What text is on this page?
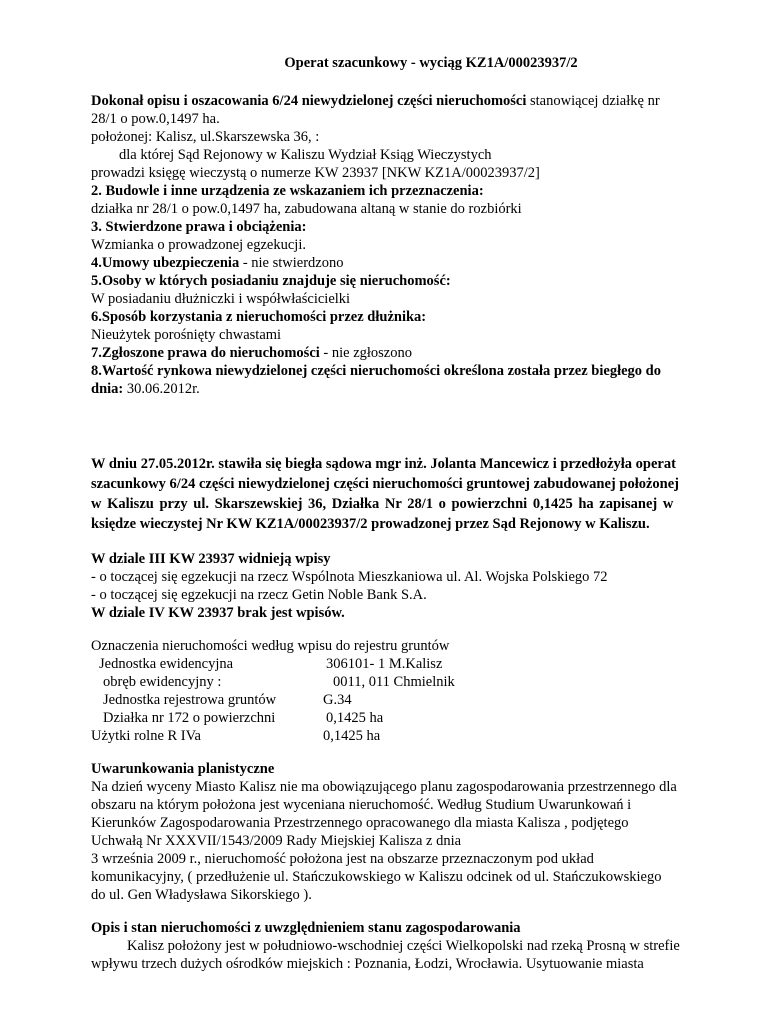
Operat szacunkowy - wyciąg KZ1A/00023937/2
Dokonał opisu i oszacowania 6/24 niewydzielonej części nieruchomości stanowiącej działkę nr
28/1 o pow.0,1497 ha.
położonej: Kalisz, ul.Skarszewska 36, :
dla której Sąd Rejonowy w Kaliszu Wydział Ksiąg Wieczystych
prowadzi księgę wieczystą o numerze KW 23937 [NKW KZ1A/00023937/2]
2. Budowle i inne urządzenia ze wskazaniem ich przeznaczenia:
działka nr 28/1 o pow.0,1497 ha, zabudowana altaną w stanie do rozbiórki
3. Stwierdzone prawa i obciążenia:
Wzmianka o prowadzonej egzekucji.
4.Umowy ubezpieczenia - nie stwierdzono
5.Osoby w których posiadaniu znajduje się nieruchomość:
W posiadaniu dłużniczki i współwłaścicielki
6.Sposób korzystania z nieruchomości przez dłużnika:
Nieużytek porośnięty chwastami
7.Zgłoszone prawa do nieruchomości - nie zgłoszono
8.Wartość rynkowa niewydzielonej części nieruchomości określona została przez biegłego do
dnia: 30.06.2012r.
W dniu 27.05.2012r. stawiła się biegła sądowa mgr inż. Jolanta Mancewicz i przedłożyła operat
szacunkowy 6/24 części niewydzielonej części nieruchomości gruntowej zabudowanej położonej
w Kaliszu przy ul. Skarszewskiej 36, Działka Nr 28/1 o powierzchni 0,1425 ha zapisanej w
księdze wieczystej Nr KW KZ1A/00023937/2 prowadzonej przez Sąd Rejonowy w Kaliszu.
W dziale III KW 23937 widnieją wpisy
- o toczącej się egzekucji na rzecz Wspólnota Mieszkaniowa ul. Al. Wojska Polskiego 72
- o toczącej się egzekucji na rzecz Getin Noble Bank S.A.
W dziale IV KW 23937 brak jest wpisów.
Oznaczenia nieruchomości według wpisu do rejestru gruntów
Jednostka ewidencyjna	306101- 1 M.Kalisz
obręb ewidencyjny :	0011, 011 Chmielnik
Jednostka rejestrowa gruntów	G.34
Działka nr 172 o powierzchni	0,1425 ha
Użytki rolne R IVa	0,1425 ha
Uwarunkowania planistyczne
Na dzień wyceny Miasto Kalisz nie ma obowiązującego planu zagospodarowania przestrzennego dla
obszaru na którym położona jest wyceniana nieruchomość. Według Studium Uwarunkowań i
Kierunków Zagospodarowania Przestrzennego opracowanego dla miasta Kalisza , podjętego
Uchwałą Nr XXXVII/1543/2009 Rady Miejskiej Kalisza z dnia
3 września 2009 r., nieruchomość położona jest na obszarze przeznaczonym pod układ
komunikacyjny, ( przedłużenie ul. Stańczukowskiego w Kaliszu odcinek od ul. Stańczukowskiego
do ul. Gen Władysława Sikorskiego ).
Opis i stan nieruchomości z uwzględnieniem stanu zagospodarowania
Kalisz położony jest w południowo-wschodniej części Wielkopolski nad rzeką Prosną w strefie
wpływu trzech dużych ośrodków miejskich : Poznania, Łodzi, Wrocławia. Usytuowanie miasta
